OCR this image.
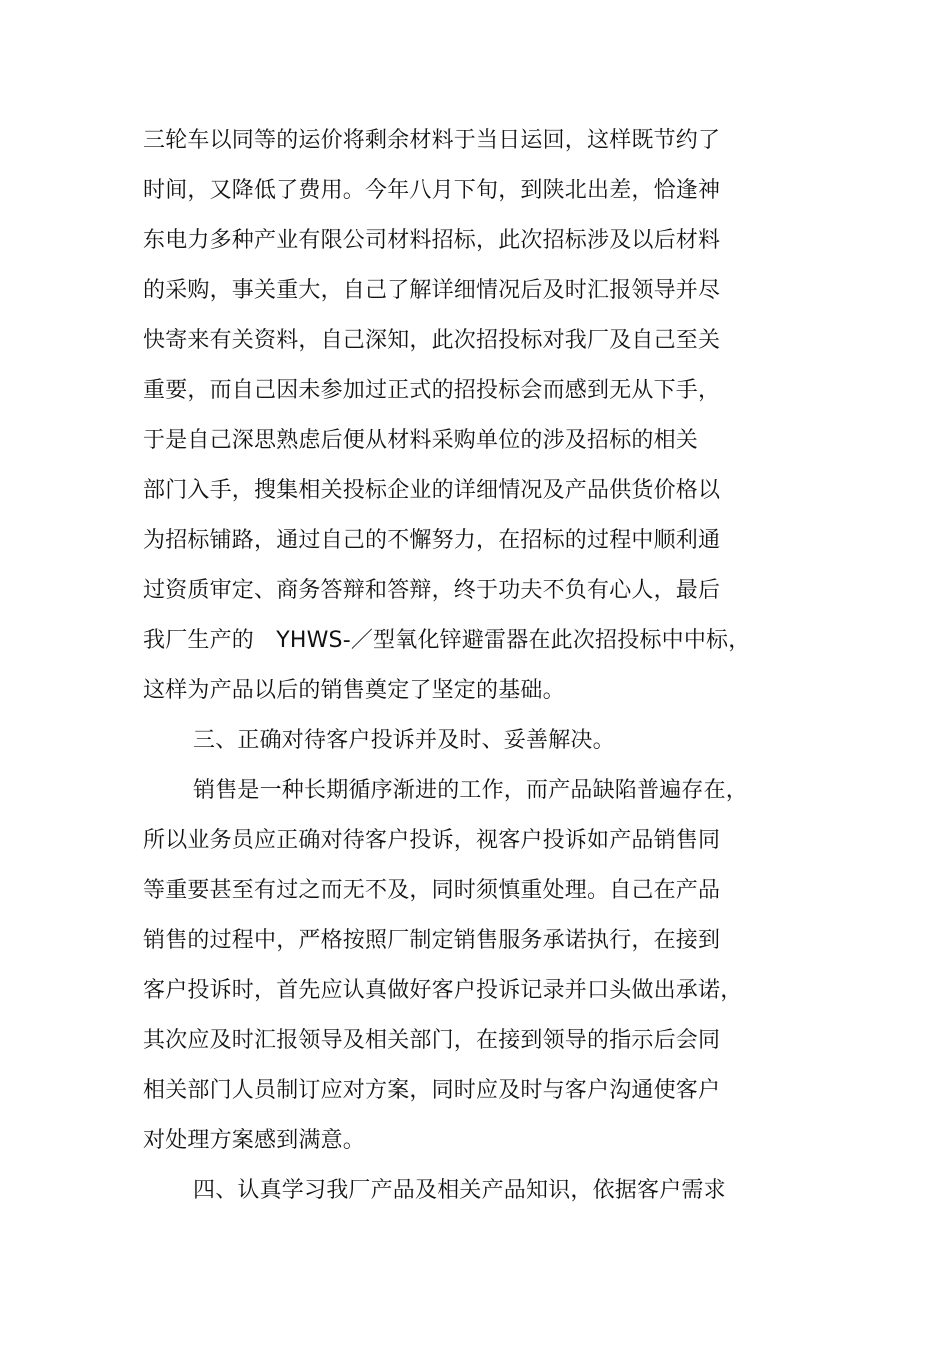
三轮车以同等的运价将剩余材料于当日运回，这样既节约了
时间，又降低了费用。今年八月下旬，到陕北出差，恰逢神
东电力多种产业有限公司材料招标，此次招标涉及以后材料
的采购，事关重大，自己了解详细情况后及时汇报领导并尽
快寄来有关资料，自己深知，此次招投标对我厂及自己至关
重要，而自己因未参加过正式的招投标会而感到无从下手，
于是自己深思熟虑后便从材料采购单位的涉及招标的相关
部门入手，搜集相关投标企业的详细情况及产品供货价格以
为招标铺路，通过自己的不懈努力，在招标的过程中顺利通
过资质审定、商务答辩和答辩，终于功夫不负有心人，最后
我厂生产的　YHWS-／型氧化锌避雷器在此次招投标中中标，
这样为产品以后的销售奠定了坚定的基础。
三、正确对待客户投诉并及时、妥善解决。
销售是一种长期循序渐进的工作，而产品缺陷普遍存在，
所以业务员应正确对待客户投诉，视客户投诉如产品销售同
等重要甚至有过之而无不及，同时须慎重处理。自己在产品
销售的过程中，严格按照厂制定销售服务承诺执行，在接到
客户投诉时，首先应认真做好客户投诉记录并口头做出承诺，
其次应及时汇报领导及相关部门，在接到领导的指示后会同
相关部门人员制订应对方案，同时应及时与客户沟通使客户
对处理方案感到满意。
四、认真学习我厂产品及相关产品知识，依据客户需求
